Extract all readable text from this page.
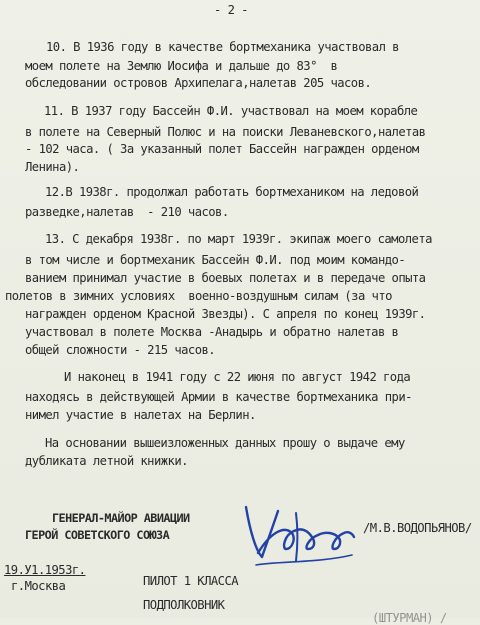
- 2 -
10. В 1936 году в качестве бортмеханика участвовал в
моем полете на Землю Иосифа и дальше до 83°  в
обследовании островов Архипелага,налетав 205 часов.
11. В 1937 году Бассейн Ф.И. участвовал на моем корабле
в полете на Северный Полюс и на поиски Леваневского,налетав
- 102 часа. ( За указанный полет Бассейн награжден орденом
Ленина).
12.В 1938г. продолжал работать бортмехаником на ледовой
разведке,налетав  - 210 часов.
13. С декабря 1938г. по март 1939г. экипаж моего самолета
в том числе и бортмеханик Бассейн Ф.И. под моим командо-
ванием принимал участие в боевых полетах и в передаче опыта
полетов в зимних условиях  военно-воздушным силам (за что
награжден орденом Красной Звезды). С апреля по конец 1939г.
участвовал в полете Москва -Анадырь и обратно налетав в
общей сложности - 215 часов.
И наконец в 1941 году с 22 июня по август 1942 года
находясь в действующей Армии в качестве бортмеханика при-
нимел участие в налетах на Берлин.
На основании вышеизложенных данных прошу о выдаче ему
дубликата летной книжки.
ГЕНЕРАЛ-МАЙОР АВИАЦИИ
ГЕРОЙ СОВЕТСКОГО СОЮЗА	/М.В.ВОДОПЬЯНОВ/
19.У1.1953г.
г.Москва	ПИЛОТ 1 КЛАССА
ПОДПОЛКОВНИК
(ШТУРМАН) /
